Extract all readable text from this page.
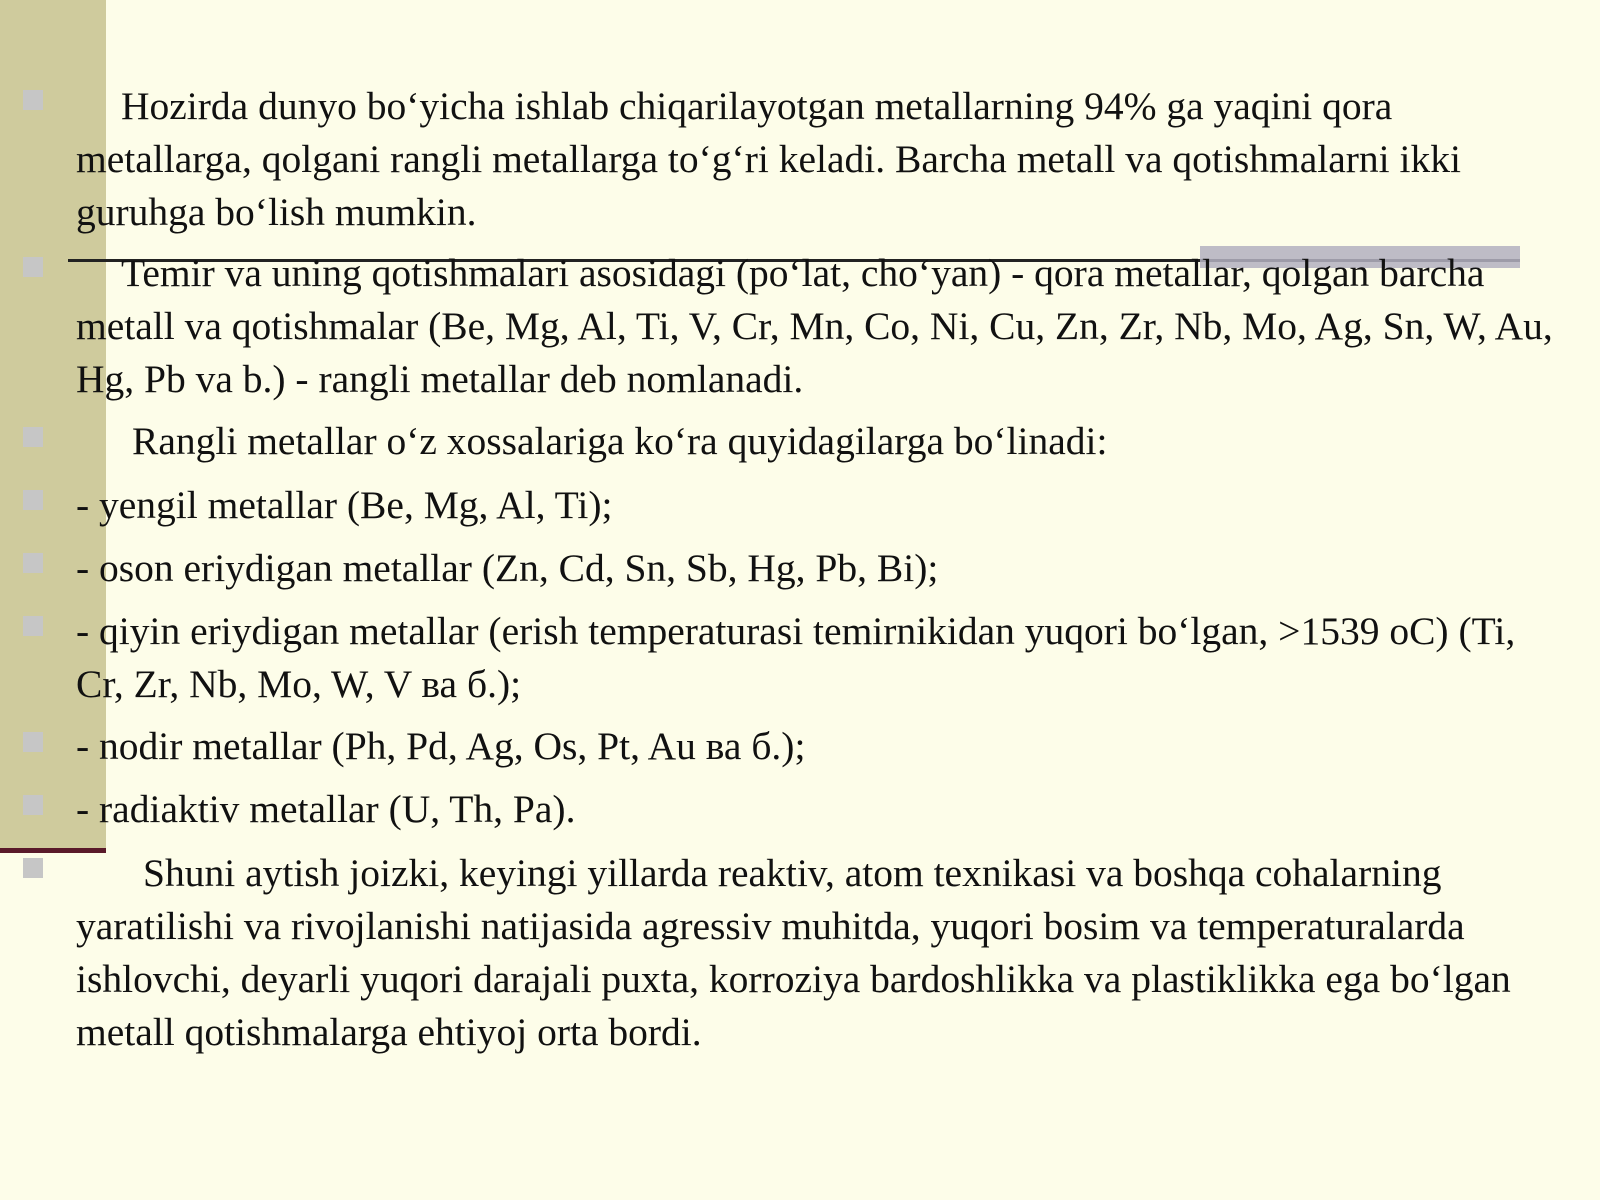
Hozirda dunyo bo‘yicha ishlab chiqarilayotgan metallarning 94% ga yaqini qora metallarga, qolgani rangli metallarga to‘g‘ri keladi. Barcha metall va qotishmalarni ikki guruhga bo‘lish mumkin.

Temir va uning qotishmalari asosidagi (po‘lat, cho‘yan) - qora metallar, qolgan barcha metall va qotishmalar (Be, Mg, Al, Ti, V, Cr, Mn, Co, Ni, Cu, Zn, Zr, Nb, Mo, Ag, Sn, W, Au, Hg, Pb va b.) - rangli metallar deb nomlanadi.

Rangli metallar o‘z xossalariga ko‘ra quyidagilarga bo‘linadi:

- yengil metallar (Be, Mg, Al, Ti);

- oson eriydigan metallar (Zn, Cd, Sn, Sb, Hg, Pb, Bi);

- qiyin eriydigan metallar (erish temperaturasi temirnikidan yuqori bo‘lgan, >1539 оC) (Ti, Cr, Zr, Nb, Mo, W, V ва б.);

- nodir metallar (Ph, Pd, Ag, Os, Pt, Au ва б.);

- radiaktiv metallar (U, Th, Pa).

Shuni aytish joizki, keyingi yillarda reaktiv, atom texnikasi va boshqa cohalarning yaratilishi va rivojlanishi natijasida agressiv muhitda, yuqori bosim va temperaturalarda ishlovchi, deyarli yuqori darajali puxta, korroziya bardoshlikka va plastiklikka ega bo‘lgan metall qotishmalarga ehtiyoj orta bordi.
